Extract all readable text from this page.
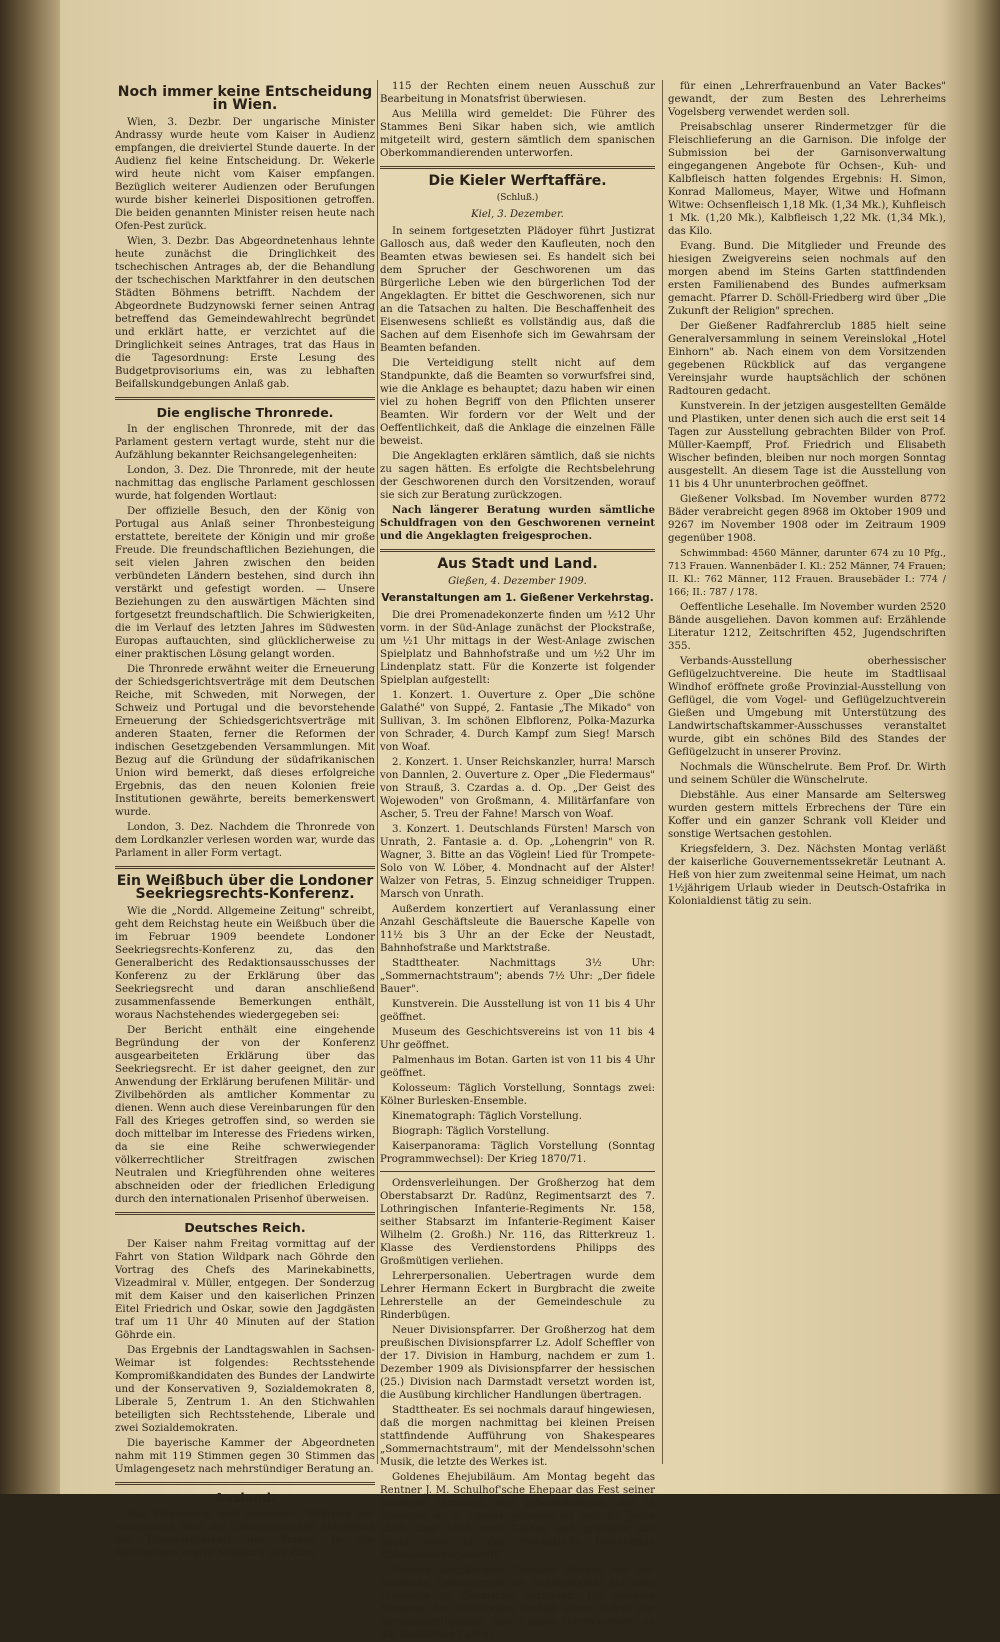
Noch immer keine Entscheidung in Wien.

Wien, 3. Dezbr. Der ungarische Minister Andrassy wurde heute vom Kaiser in Audienz empfangen, die dreiviertel Stunde dauerte. In der Audienz fiel keine Entscheidung. Dr. Wekerle wird heute nicht vom Kaiser empfangen. Bezüglich weiterer Audienzen oder Berufungen wurde bisher keinerlei Dispositionen getroffen. Die beiden genannten Minister reisen heute nach Ofen-Pest zurück.

Wien, 3. Dezbr. Das Abgeordnetenhaus lehnte heute zunächst die Dringlichkeit des tschechischen Antrages ab, der die Behandlung der tschechischen Marktfahrer in den deutschen Städten Böhmens betrifft. Nachdem der Abgeordnete Budzynowski ferner seinen Antrag betreffend das Gemeindewahlrecht begründet und erklärt hatte, er verzichtet auf die Dringlichkeit seines Antrages, trat das Haus in die Tagesordnung: Erste Lesung des Budgetprovisoriums ein, was zu lebhaften Beifallskundgebungen Anlaß gab.

Die englische Thronrede.

In der englischen Thronrede, mit der das Parlament gestern vertagt wurde, steht nur die Aufzählung bekannter Reichsangelegenheiten:

London, 3. Dez. Die Thronrede, mit der heute nachmittag das englische Parlament geschlossen wurde, hat folgenden Wortlaut:

Der offizielle Besuch, den der König von Portugal aus Anlaß seiner Thronbesteigung erstattete, bereitete der Königin und mir große Freude. Die freundschaftlichen Beziehungen, die seit vielen Jahren zwischen den beiden verbündeten Ländern bestehen, sind durch ihn verstärkt und gefestigt worden. — Unsere Beziehungen zu den auswärtigen Mächten sind fortgesetzt freundschaftlich. Die Schwierigkeiten, die im Verlauf des letzten Jahres im Südwesten Europas auftauchten, sind glücklicherweise zu einer praktischen Lösung gelangt worden.

Die Thronrede erwähnt weiter die Erneuerung der Schiedsgerichtsverträge mit dem Deutschen Reiche, mit Schweden, mit Norwegen, der Schweiz und Portugal und die bevorstehende Erneuerung der Schiedsgerichtsverträge mit anderen Staaten, ferner die Reformen der indischen Gesetzgebenden Versammlungen. Mit Bezug auf die Gründung der südafrikanischen Union wird bemerkt, daß dieses erfolgreiche Ergebnis, das den neuen Kolonien freie Institutionen gewährte, bereits bemerkenswert wurde.

London, 3. Dez. Nachdem die Thronrede von dem Lordkanzler verlesen worden war, wurde das Parlament in aller Form vertagt.

Ein Weißbuch über die Londoner Seekriegsrechts-Konferenz.

Wie die „Nordd. Allgemeine Zeitung" schreibt, geht dem Reichstag heute ein Weißbuch über die im Februar 1909 beendete Londoner Seekriegsrechts-Konferenz zu, das den Generalbericht des Redaktionsausschusses der Konferenz zu der Erklärung über das Seekriegsrecht und daran anschließend zusammenfassende Bemerkungen enthält, woraus Nachstehendes wiedergegeben sei:

Der Bericht enthält eine eingehende Begründung der von der Konferenz ausgearbeiteten Erklärung über das Seekriegsrecht. Er ist daher geeignet, den zur Anwendung der Erklärung berufenen Militär- und Zivilbehörden als amtlicher Kommentar zu dienen. Wenn auch diese Vereinbarungen für den Fall des Krieges getroffen sind, so werden sie doch mittelbar im Interesse des Friedens wirken, da sie eine Reihe schwerwiegender völkerrechtlicher Streitfragen zwischen Neutralen und Kriegführenden ohne weiteres abschneiden oder der friedlichen Erledigung durch den internationalen Prisenhof überweisen.

Deutsches Reich.

Der Kaiser nahm Freitag vormittag auf der Fahrt von Station Wildpark nach Göhrde den Vortrag des Chefs des Marinekabinetts, Vizeadmiral v. Müller, entgegen. Der Sonderzug mit dem Kaiser und den kaiserlichen Prinzen Eitel Friedrich und Oskar, sowie den Jagdgästen traf um 11 Uhr 40 Minuten auf der Station Göhrde ein.

Das Ergebnis der Landtagswahlen in Sachsen-Weimar ist folgendes: Rechtsstehende Kompromißkandidaten des Bundes der Landwirte und der Konservativen 9, Sozialdemokraten 8, Liberale 5, Zentrum 1. An den Stichwahlen beteiligten sich Rechtsstehende, Liberale und zwei Sozialdemokraten.

Die bayerische Kammer der Abgeordneten nahm mit 119 Stimmen gegen 30 Stimmen das Umlagengesetz nach mehrstündiger Beratung an.

Ausland.

Aus Petersburg wird gemeldet: Während der Aussprache über die Gesetzesvorlage betreffend die Unantastbarkeit der Person in der Reichsduma ergriff Miljukow das Wort.

115 der Rechten einem neuen Ausschuß zur Bearbeitung in Monatsfrist überwiesen.

Aus Melilla wird gemeldet: Die Führer des Stammes Beni Sikar haben sich, wie amtlich mitgeteilt wird, gestern sämtlich dem spanischen Oberkommandierenden unterworfen.

Die Kieler Werftaffäre.
(Schluß.)
Kiel, 3. Dezember.

In seinem fortgesetzten Plädoyer führt Justizrat Gallosch aus, daß weder den Kaufleuten, noch den Beamten etwas bewiesen sei. Es handelt sich bei dem Sprucher der Geschworenen um das Bürgerliche Leben wie den bürgerlichen Tod der Angeklagten. Er bittet die Geschworenen, sich nur an die Tatsachen zu halten. Die Beschaffenheit des Eisenwesens schließt es vollständig aus, daß die Sachen auf dem Eisenhofe sich im Gewahrsam der Beamten befanden.

Die Verteidigung stellt nicht auf dem Standpunkte, daß die Beamten so vorwurfsfrei sind, wie die Anklage es behauptet; dazu haben wir einen viel zu hohen Begriff von den Pflichten unserer Beamten. Wir fordern vor der Welt und der Oeffentlichkeit, daß die Anklage die einzelnen Fälle beweist.

Die Angeklagten erklären sämtlich, daß sie nichts zu sagen hätten. Es erfolgte die Rechtsbelehrung der Geschworenen durch den Vorsitzenden, worauf sie sich zur Beratung zurückzogen.

Nach längerer Beratung wurden sämtliche Schuldfragen von den Geschworenen verneint und die Angeklagten freigesprochen.

Aus Stadt und Land.
Gießen, 4. Dezember 1909.
Veranstaltungen am 1. Gießener Verkehrstag.

Die drei Promenadekonzerte finden um ½12 Uhr vorm. in der Süd-Anlage zunächst der Plockstraße, um ½1 Uhr mittags in der West-Anlage zwischen Spielplatz und Bahnhofstraße und um ½2 Uhr im Lindenplatz statt. Für die Konzerte ist folgender Spielplan aufgestellt:

1. Konzert. 1. Ouverture z. Oper „Die schöne Galathé" von Suppé, 2. Fantasie „The Mikado" von Sullivan, 3. Im schönen Elbflorenz, Polka-Mazurka von Schrader, 4. Durch Kampf zum Sieg! Marsch von Woaf.

2. Konzert. 1. Unser Reichskanzler, hurra! Marsch von Dannlen, 2. Ouverture z. Oper „Die Fledermaus" von Strauß, 3. Czardas a. d. Op. „Der Geist des Wojewoden" von Großmann, 4. Militärfanfare von Ascher, 5. Treu der Fahne! Marsch von Woaf.

3. Konzert. 1. Deutschlands Fürsten! Marsch von Unrath, 2. Fantasie a. d. Op. „Lohengrin" von R. Wagner, 3. Bitte an das Vöglein! Lied für Trompete-Solo von W. Löber, 4. Mondnacht auf der Alster! Walzer von Fetras, 5. Einzug schneidiger Truppen. Marsch von Unrath.

Außerdem konzertiert auf Veranlassung einer Anzahl Geschäftsleute die Bauersche Kapelle von 11½ bis 3 Uhr an der Ecke der Neustadt, Bahnhofstraße und Marktstraße.

Stadttheater. Nachmittags 3½ Uhr: „Sommernachtstraum"; abends 7½ Uhr: „Der fidele Bauer".

Kunstverein. Die Ausstellung ist von 11 bis 4 Uhr geöffnet.

Museum des Geschichtsvereins ist von 11 bis 4 Uhr geöffnet.

Palmenhaus im Botan. Garten ist von 11 bis 4 Uhr geöffnet.

Kolosseum: Täglich Vorstellung, Sonntags zwei: Kölner Burlesken-Ensemble.

Kinematograph: Täglich Vorstellung.

Biograph: Täglich Vorstellung.

Kaiserpanorama: Täglich Vorstellung (Sonntag Programmwechsel): Der Krieg 1870/71.

Ordensverleihungen. Der Großherzog hat dem Oberstabsarzt Dr. Radünz, Regimentsarzt des 7. Lothringischen Infanterie-Regiments Nr. 158, seither Stabsarzt im Infanterie-Regiment Kaiser Wilhelm (2. Großh.) Nr. 116, das Ritterkreuz 1. Klasse des Verdienstordens Philipps des Großmütigen verliehen.

Lehrerpersonalien. Uebertragen wurde dem Lehrer Hermann Eckert in Burgbracht die zweite Lehrerstelle an der Gemeindeschule zu Rinderbügen.

Neuer Divisionspfarrer. Der Großherzog hat dem preußischen Divisionspfarrer Lz. Adolf Scheffler von der 17. Division in Hamburg, nachdem er zum 1. Dezember 1909 als Divisionspfarrer der hessischen (25.) Division nach Darmstadt versetzt worden ist, die Ausübung kirchlicher Handlungen übertragen.

Stadttheater. Es sei nochmals darauf hingewiesen, daß die morgen nachmittag bei kleinen Preisen stattfindende Aufführung von Shakespeares „Sommernachtstraum", mit der Mendelssohn'schen Musik, die letzte des Werkes ist.

Goldenes Ehejubiläum. Am Montag begeht das Rentner J. M. Schulhof'sche Ehepaar das Fest seiner goldenen Hochzeit. Der Jubelbräutigam, der in Allendorf a. d. Lumda geboren ist und 83 Jahre zählt, kam 1888 nach Gießen und gründete das heute noch in der Plockstraße bestehende Kolonialwarengeschäft.

Seinem langjährigen Obmann Backes will der hessische Lehrerverein im Gradbenkmal auf dem Friedhofe zu Darmstadt errichten. Die neueste Nummer des Schulboten enthält einen Aufruf der Vorstandsmitglieder des Landes-Lehrervereins an die hessischen Lehrer.

für einen „Lehrerfrauenbund an Vater Backes" gewandt, der zum Besten des Lehrerheims Vogelsberg verwendet werden soll.

Preisabschlag unserer Rindermetzger für die Fleischlieferung an die Garnison. Die infolge der Submission bei der Garnisonverwaltung eingegangenen Angebote für Ochsen-, Kuh- und Kalbfleisch hatten folgendes Ergebnis: H. Simon, Konrad Mallomeus, Mayer, Witwe und Hofmann Witwe: Ochsenfleisch 1,18 Mk. (1,34 Mk.), Kuhfleisch 1 Mk. (1,20 Mk.), Kalbfleisch 1,22 Mk. (1,34 Mk.), das Kilo.

Evang. Bund. Die Mitglieder und Freunde des hiesigen Zweigvereins seien nochmals auf den morgen abend im Steins Garten stattfindenden ersten Familienabend des Bundes aufmerksam gemacht. Pfarrer D. Schöll-Friedberg wird über „Die Zukunft der Religion" sprechen.

Der Gießener Radfahrerclub 1885 hielt seine Generalversammlung in seinem Vereinslokal „Hotel Einhorn" ab. Nach einem von dem Vorsitzenden gegebenen Rückblick auf das vergangene Vereinsjahr wurde hauptsächlich der schönen Radtouren gedacht.

Kunstverein. In der jetzigen ausgestellten Gemälde und Plastiken, unter denen sich auch die erst seit 14 Tagen zur Ausstellung gebrachten Bilder von Prof. Müller-Kaempff, Prof. Friedrich und Elisabeth Wischer befinden, bleiben nur noch morgen Sonntag ausgestellt. An diesem Tage ist die Ausstellung von 11 bis 4 Uhr ununterbrochen geöffnet.

Gießener Volksbad. Im November wurden 8772 Bäder verabreicht gegen 8968 im Oktober 1909 und 9267 im November 1908 oder im Zeitraum 1909 gegenüber 1908.

Schwimmbad: 4560 Männer, darunter 674 zu 10 Pfg., 713 Frauen. Wannenbäder I. Kl.: 252 Männer, 74 Frauen; II. Kl.: 762 Männer, 112 Frauen. Brausebäder I.: 774 / 166; II.: 787 / 178.

Oeffentliche Lesehalle. Im November wurden 2520 Bände ausgeliehen. Davon kommen auf: Erzählende Literatur 1212, Zeitschriften 452, Jugendschriften 355.

Verbands-Ausstellung oberhessischer Geflügelzuchtvereine. Die heute im Stadtlisaal Windhof eröffnete große Provinzial-Ausstellung von Geflügel, die vom Vogel- und Geflügelzuchtverein Gießen und Umgebung mit Unterstützung des Landwirtschaftskammer-Ausschusses veranstaltet wurde, gibt ein schönes Bild des Standes der Geflügelzucht in unserer Provinz.

Nochmals die Wünschelrute. Bem Prof. Dr. Wirth und seinem Schüler die Wünschelrute.

Diebstähle. Aus einer Mansarde am Seltersweg wurden gestern mittels Erbrechens der Türe ein Koffer und ein ganzer Schrank voll Kleider und sonstige Wertsachen gestohlen.

Kriegsfeldern, 3. Dez. Nächsten Montag verläßt der kaiserliche Gouvernementssekretär Leutnant A. Heß von hier zum zweitenmal seine Heimat, um nach 1½jährigem Urlaub wieder in Deutsch-Ostafrika in Kolonialdienst tätig zu sein.
